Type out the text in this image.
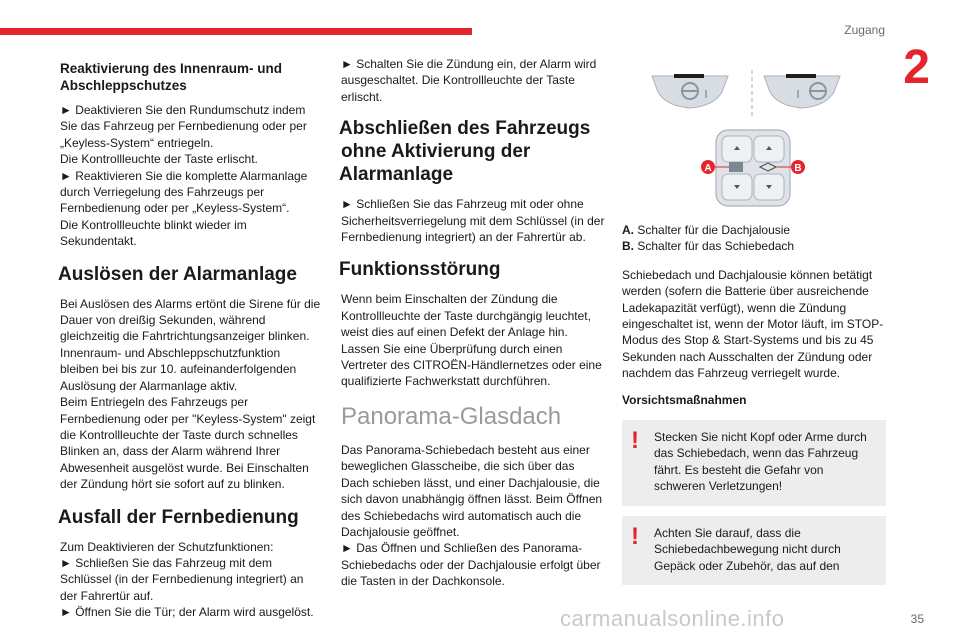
Zugang
2

Reaktivierung des Innenraum- und Abschleppschutzes

► Deaktivieren Sie den Rundumschutz indem Sie das Fahrzeug per Fernbedienung oder per „Keyless-System“ entriegeln.

Die Kontrollleuchte der Taste erlischt.

► Reaktivieren Sie die komplette Alarmanlage durch Verriegelung des Fahrzeugs per Fernbedienung oder per „Keyless-System“.

Die Kontrollleuchte blinkt wieder im Sekundentakt.

Auslösen der Alarmanlage

Bei Auslösen des Alarms ertönt die Sirene für die Dauer von dreißig Sekunden, während gleichzeitig die Fahrtrichtungsanzeiger blinken.

Innenraum- und Abschleppschutzfunktion bleiben bei bis zur 10. aufeinanderfolgenden Auslösung der Alarmanlage aktiv.

Beim Entriegeln des Fahrzeugs per Fernbedienung oder per "Keyless-System" zeigt die Kontrollleuchte der Taste durch schnelles Blinken an, dass der Alarm während Ihrer Abwesenheit ausgelöst wurde. Bei Einschalten der Zündung hört sie sofort auf zu blinken.

Ausfall der Fernbedienung

Zum Deaktivieren der Schutzfunktionen:

► Schließen Sie das Fahrzeug mit dem Schlüssel (in der Fernbedienung integriert) an der Fahrertür auf.

► Öffnen Sie die Tür; der Alarm wird ausgelöst.

► Schalten Sie die Zündung ein, der Alarm wird ausgeschaltet. Die Kontrollleuchte der Taste erlischt.

Abschließen des Fahrzeugs
ohne Aktivierung der
Alarmanlage

► Schließen Sie das Fahrzeug mit oder ohne Sicherheitsverriegelung mit dem Schlüssel (in der Fernbedienung integriert) an der Fahrertür ab.

Funktionsstörung

Wenn beim Einschalten der Zündung die Kontrollleuchte der Taste durchgängig leuchtet, weist dies auf einen Defekt der Anlage hin.

Lassen Sie eine Überprüfung durch einen Vertreter des CITROËN-Händlernetzes oder eine qualifizierte Fachwerkstatt durchführen.

Panorama-Glasdach

Das Panorama-Schiebedach besteht aus einer beweglichen Glasscheibe, die sich über das Dach schieben lässt, und einer Dachjalousie, die sich davon unabhängig öffnen lässt. Beim Öffnen des Schiebedachs wird automatisch auch die Dachjalousie geöffnet.

► Das Öffnen und Schließen des Panorama-Schiebedachs oder der Dachjalousie erfolgt über die Tasten in der Dachkonsole.

A	B

A. Schalter für die Dachjalousie

B. Schalter für das Schiebedach

Schiebedach und Dachjalousie können betätigt werden (sofern die Batterie über ausreichende Ladekapazität verfügt), wenn die Zündung eingeschaltet ist, wenn der Motor läuft, im STOP-Modus des Stop & Start-Systems und bis zu 45 Sekunden nach Ausschalten der Zündung oder nachdem das Fahrzeug verriegelt wurde.

Vorsichtsmaßnahmen

!	Stecken Sie nicht Kopf oder Arme durch das Schiebedach, wenn das Fahrzeug fährt. Es besteht die Gefahr von schweren Verletzungen!

!	Achten Sie darauf, dass die Schiebedachbewegung nicht durch Gepäck oder Zubehör, das auf den

carmanualsonline.info	35
